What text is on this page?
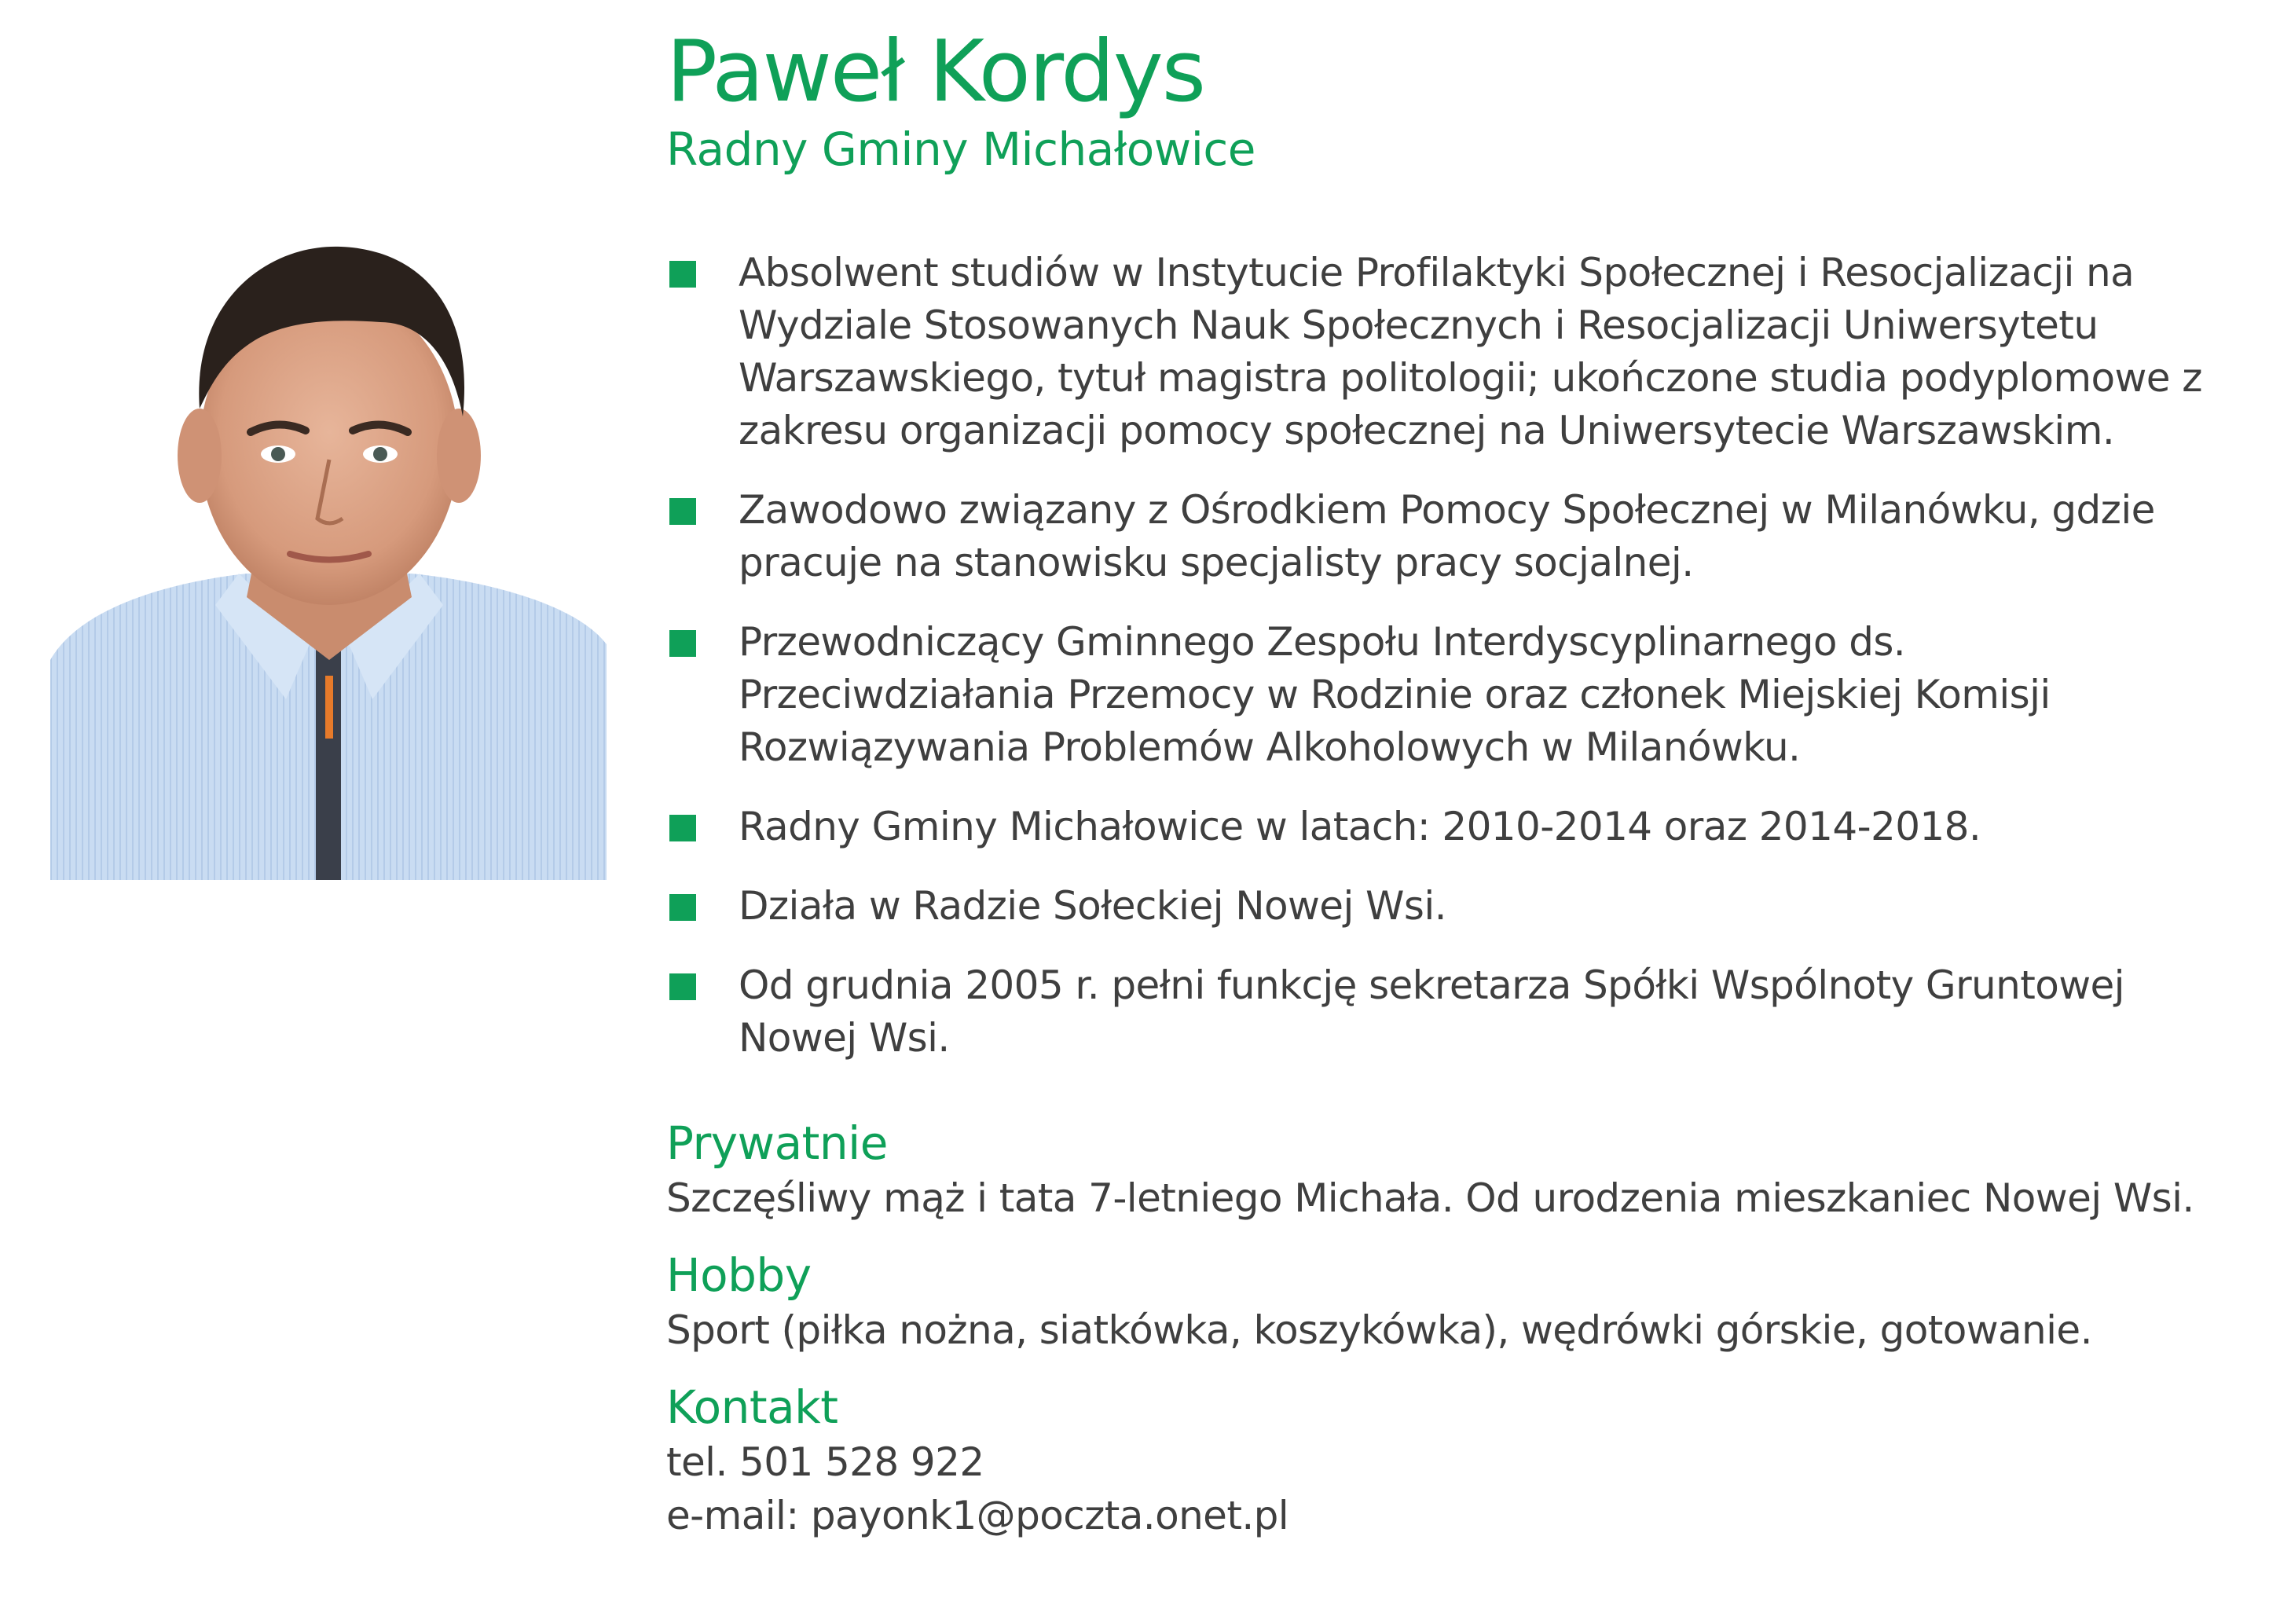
Paweł Kordys

Radny Gminy Michałowice

Absolwent studiów w Instytucie Profilaktyki Społecznej i Resocjalizacji na Wydziale Stosowanych Nauk Społecznych i Resocjalizacji Uniwersytetu Warszawskiego, tytuł magistra politologii; ukończone studia podyplomowe z zakresu organizacji pomocy społecznej na Uniwersytecie Warszawskim.
Zawodowo związany z Ośrodkiem Pomocy Społecznej w Milanówku, gdzie pracuje na stanowisku specjalisty pracy socjalnej.
Przewodniczący Gminnego Zespołu Interdyscyplinarnego ds. Przeciwdziałania Przemocy w Rodzinie oraz członek Miejskiej Komisji Rozwiązywania Problemów Alkoholowych w Milanówku.
Radny Gminy Michałowice w latach: 2010-2014 oraz 2014-2018.
Działa w Radzie Sołeckiej Nowej Wsi.
Od grudnia 2005 r. pełni funkcję sekretarza Spółki Wspólnoty Gruntowej Nowej Wsi.
Prywatnie

Szczęśliwy mąż i tata 7-letniego Michała. Od urodzenia mieszkaniec Nowej Wsi.

Hobby

Sport (piłka nożna, siatkówka, koszykówka), wędrówki górskie, gotowanie.

Kontakt

tel. 501 528 922

e-mail: payonk1@poczta.onet.pl
